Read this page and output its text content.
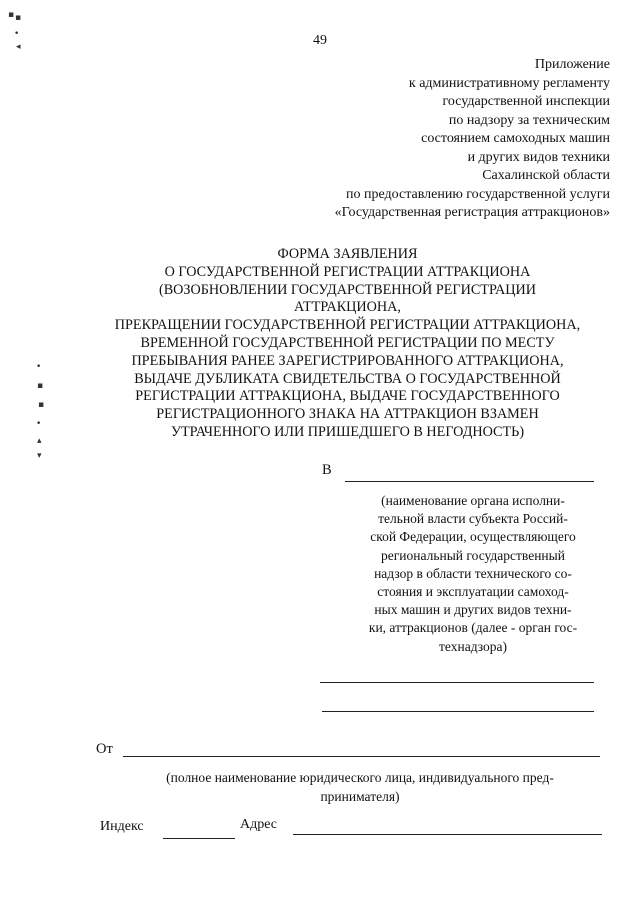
49
Приложение
к административному регламенту
государственной инспекции
по надзору за техническим
состоянием самоходных машин
и других видов техники
Сахалинской области
по предоставлению государственной услуги
«Государственная регистрация аттракционов»
ФОРМА ЗАЯВЛЕНИЯ
О ГОСУДАРСТВЕННОЙ РЕГИСТРАЦИИ АТТРАКЦИОНА
(ВОЗОБНОВЛЕНИИ ГОСУДАРСТВЕННОЙ РЕГИСТРАЦИИ
АТТРАКЦИОНА,
ПРЕКРАЩЕНИИ ГОСУДАРСТВЕННОЙ РЕГИСТРАЦИИ АТТРАКЦИОНА,
ВРЕМЕННОЙ ГОСУДАРСТВЕННОЙ РЕГИСТРАЦИИ ПО МЕСТУ
ПРЕБЫВАНИЯ РАНЕЕ ЗАРЕГИСТРИРОВАННОГО АТТРАКЦИОНА,
ВЫДАЧЕ ДУБЛИКАТА СВИДЕТЕЛЬСТВА О ГОСУДАРСТВЕННОЙ
РЕГИСТРАЦИИ АТТРАКЦИОНА, ВЫДАЧЕ ГОСУДАРСТВЕННОГО
РЕГИСТРАЦИОННОГО ЗНАКА НА АТТРАКЦИОН ВЗАМЕН
УТРАЧЕННОГО ИЛИ ПРИШЕДШЕГО В НЕГОДНОСТЬ)
В
(наименование органа исполни-
тельной власти субъекта Россий-
ской Федерации, осуществляющего
региональный государственный
надзор в области технического со-
стояния и эксплуатации самоход-
ных машин и других видов техни-
ки, аттракционов (далее - орган гос-
технадзора)
От
(полное наименование юридического лица, индивидуального пред-
принимателя)
Индекс	Адрес
▪ ▪
•
◂
•
▪
▪
•
▴
▾
